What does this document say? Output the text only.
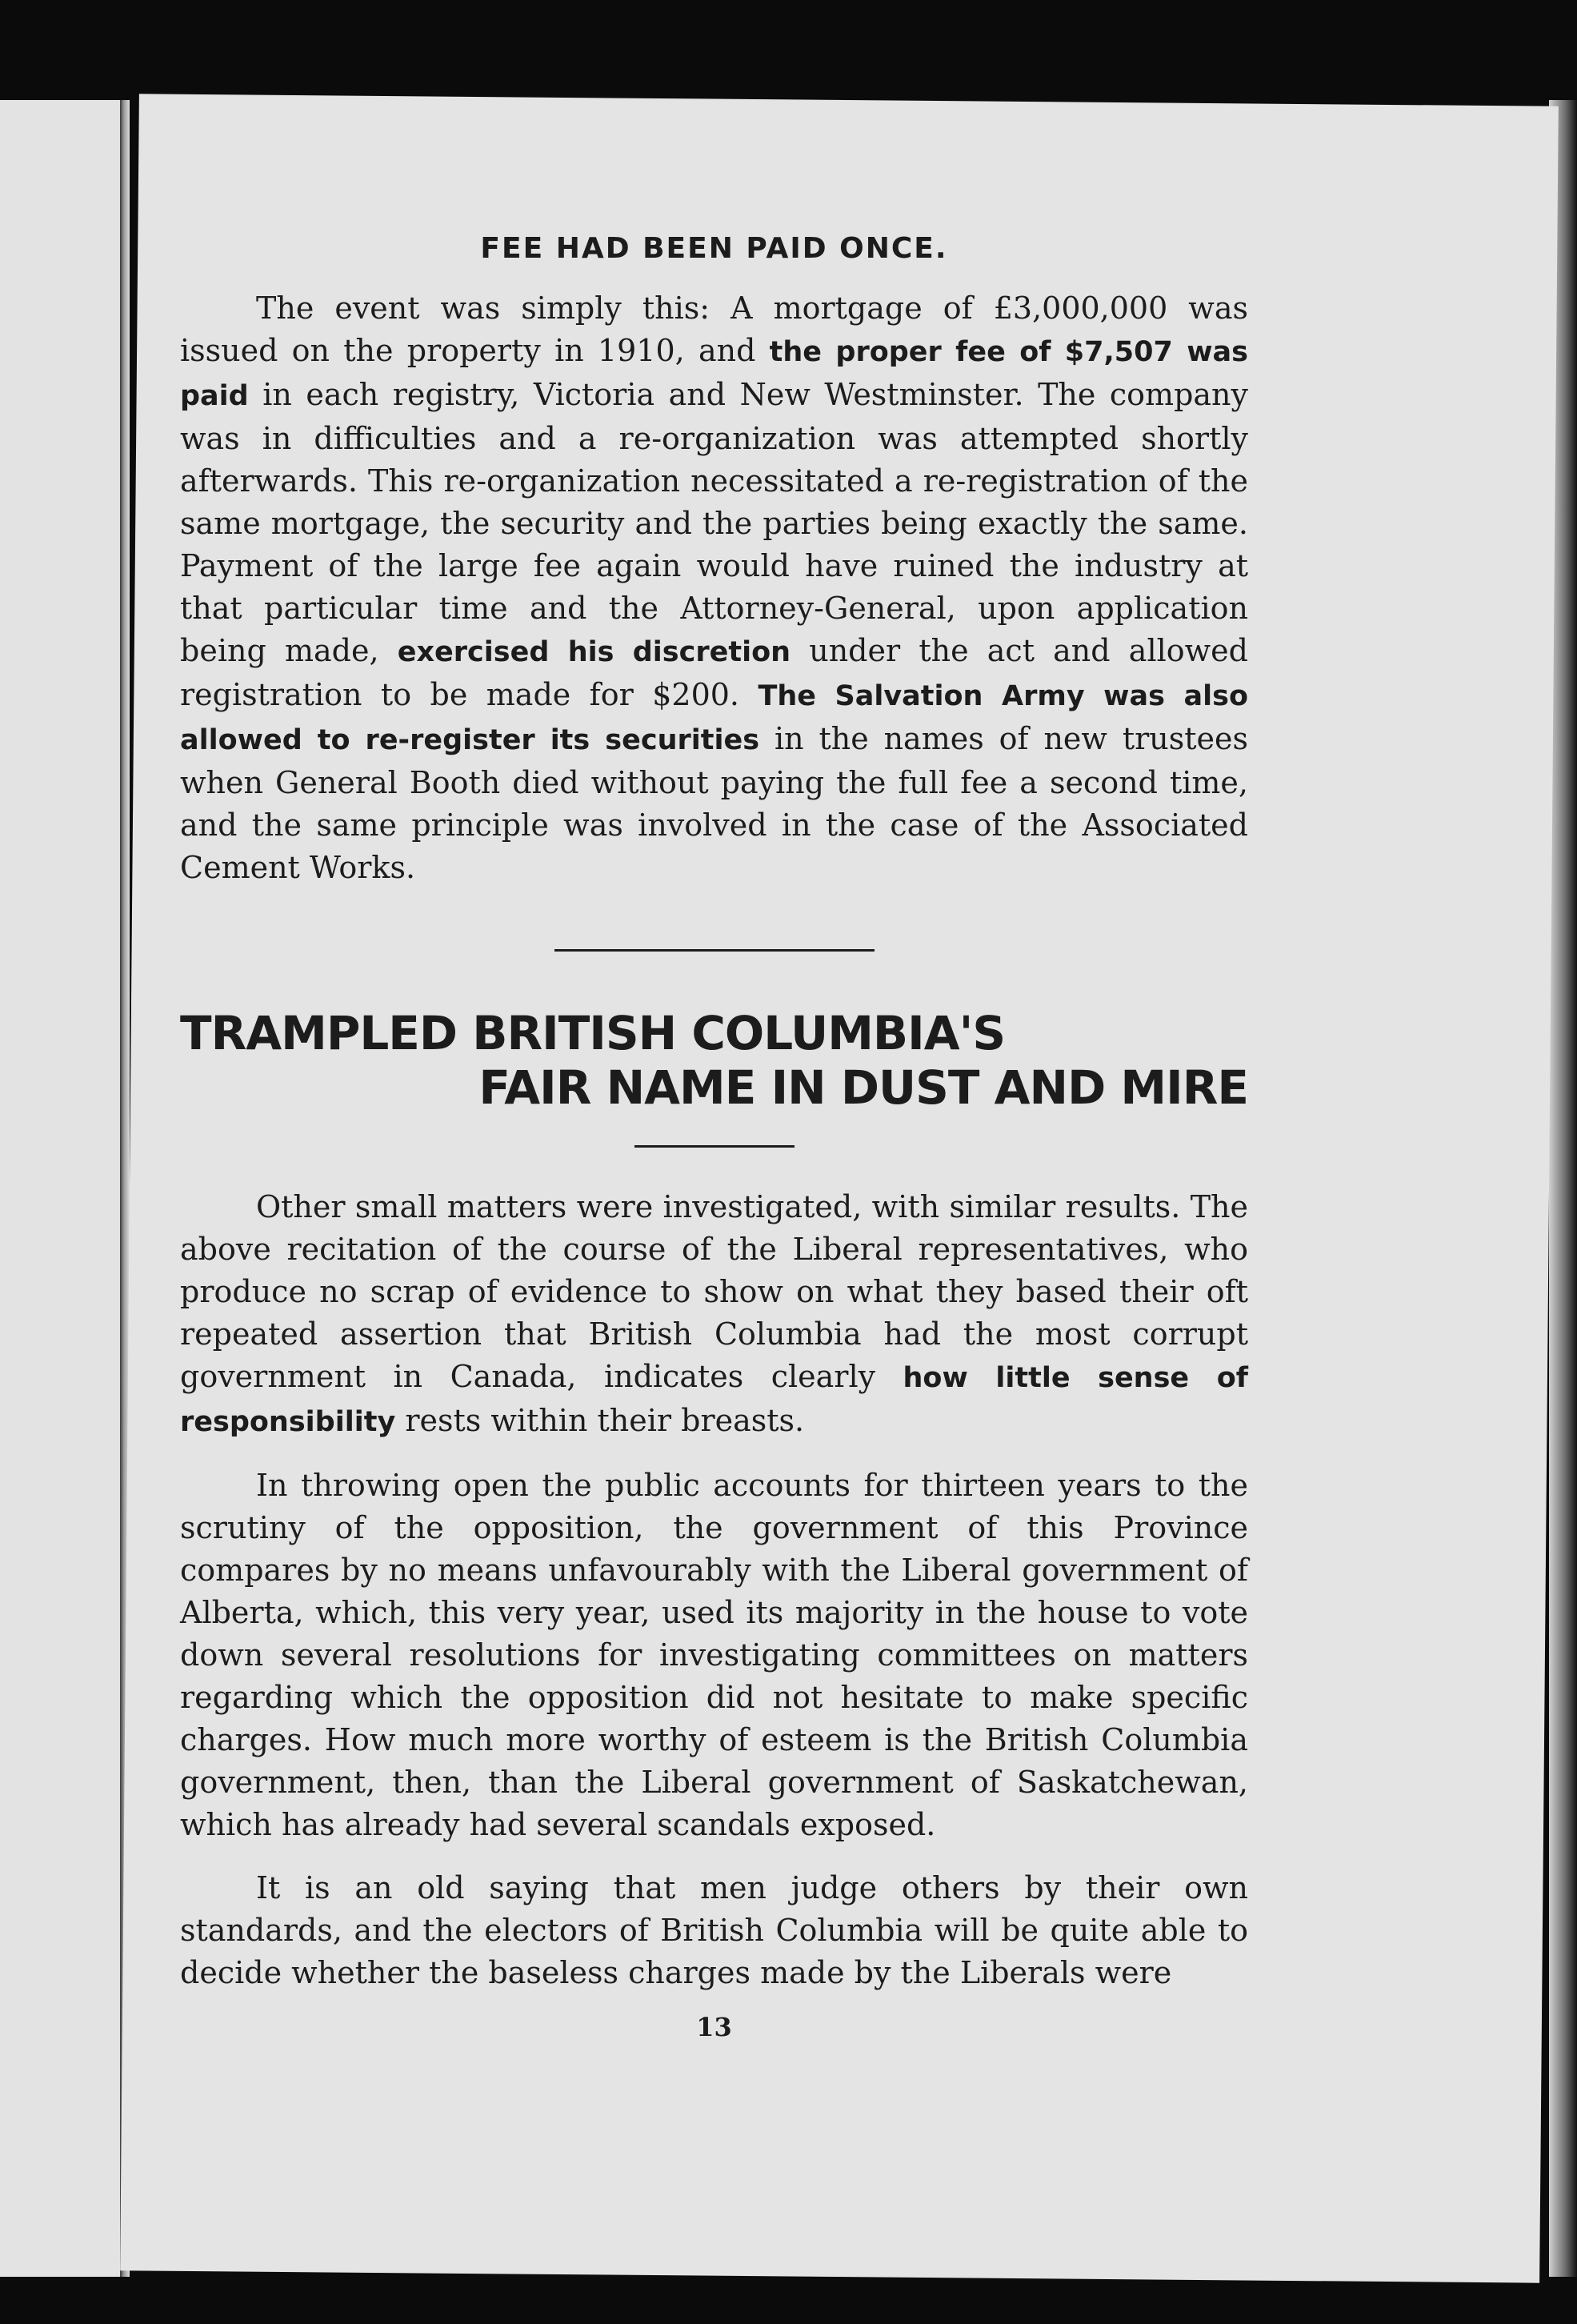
FEE HAD BEEN PAID ONCE.

The event was simply this: A mortgage of £3,000,000 was issued on the property in 1910, and the proper fee of $7,507 was paid in each registry, Victoria and New Westminster. The company was in difficulties and a re-organization was attempted shortly afterwards. This re-organization necessitated a re-registration of the same mortgage, the security and the parties being exactly the same. Payment of the large fee again would have ruined the industry at that particular time and the Attorney-General, upon application being made, exercised his discretion under the act and allowed registration to be made for $200. The Salvation Army was also allowed to re-register its securities in the names of new trustees when General Booth died without paying the full fee a second time, and the same principle was involved in the case of the Associated Cement Works.

TRAMPLED BRITISH COLUMBIA'S
FAIR NAME IN DUST AND MIRE

Other small matters were investigated, with similar results. The above recitation of the course of the Liberal representatives, who produce no scrap of evidence to show on what they based their oft repeated assertion that British Columbia had the most corrupt government in Canada, indicates clearly how little sense of responsibility rests within their breasts.

In throwing open the public accounts for thirteen years to the scrutiny of the opposition, the government of this Province compares by no means unfavourably with the Liberal government of Alberta, which, this very year, used its majority in the house to vote down several resolutions for investigating committees on matters regarding which the opposition did not hesitate to make specific charges. How much more worthy of esteem is the British Columbia government, then, than the Liberal government of Saskatchewan, which has already had several scandals exposed.

It is an old saying that men judge others by their own standards, and the electors of British Columbia will be quite able to decide whether the baseless charges made by the Liberals were

13
